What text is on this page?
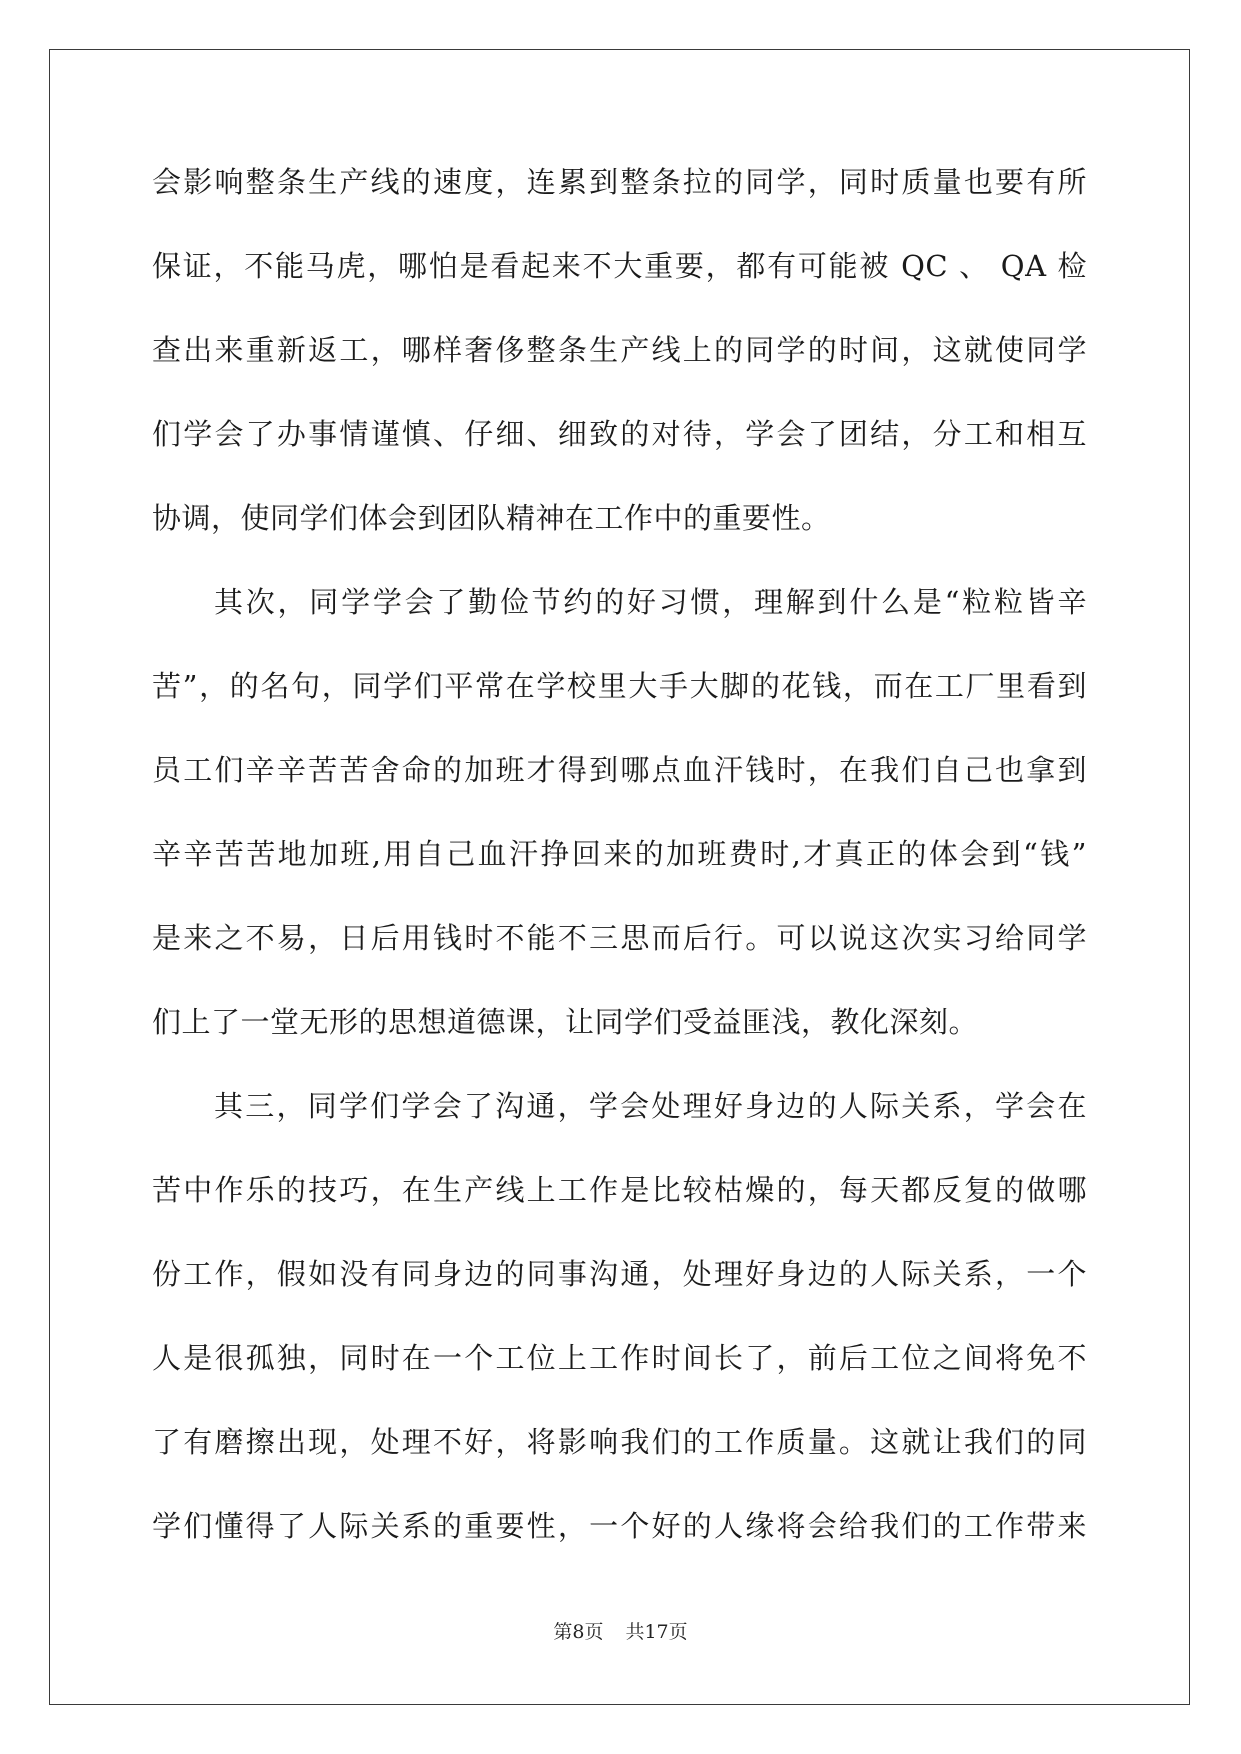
会影响整条生产线的速度，连累到整条拉的同学，同时质量也要有所
保证，不能马虎，哪怕是看起来不大重要，都有可能被 QC 、 QA 检
查出来重新返工，哪样奢侈整条生产线上的同学的时间，这就使同学
们学会了办事情谨慎、仔细、细致的对待，学会了团结，分工和相互
协调，使同学们体会到团队精神在工作中的重要性。
其次，同学学会了勤俭节约的好习惯，理解到什么是“粒粒皆辛
苦”，的名句，同学们平常在学校里大手大脚的花钱，而在工厂里看到
员工们辛辛苦苦舍命的加班才得到哪点血汗钱时，在我们自己也拿到
辛辛苦苦地加班,用自己血汗挣回来的加班费时,才真正的体会到“钱”
是来之不易，日后用钱时不能不三思而后行。可以说这次实习给同学
们上了一堂无形的思想道德课，让同学们受益匪浅，教化深刻。
其三，同学们学会了沟通，学会处理好身边的人际关系，学会在
苦中作乐的技巧，在生产线上工作是比较枯燥的，每天都反复的做哪
份工作，假如没有同身边的同事沟通，处理好身边的人际关系，一个
人是很孤独，同时在一个工位上工作时间长了，前后工位之间将免不
了有磨擦出现，处理不好，将影响我们的工作质量。这就让我们的同
学们懂得了人际关系的重要性，一个好的人缘将会给我们的工作带来
第8页 共17页
